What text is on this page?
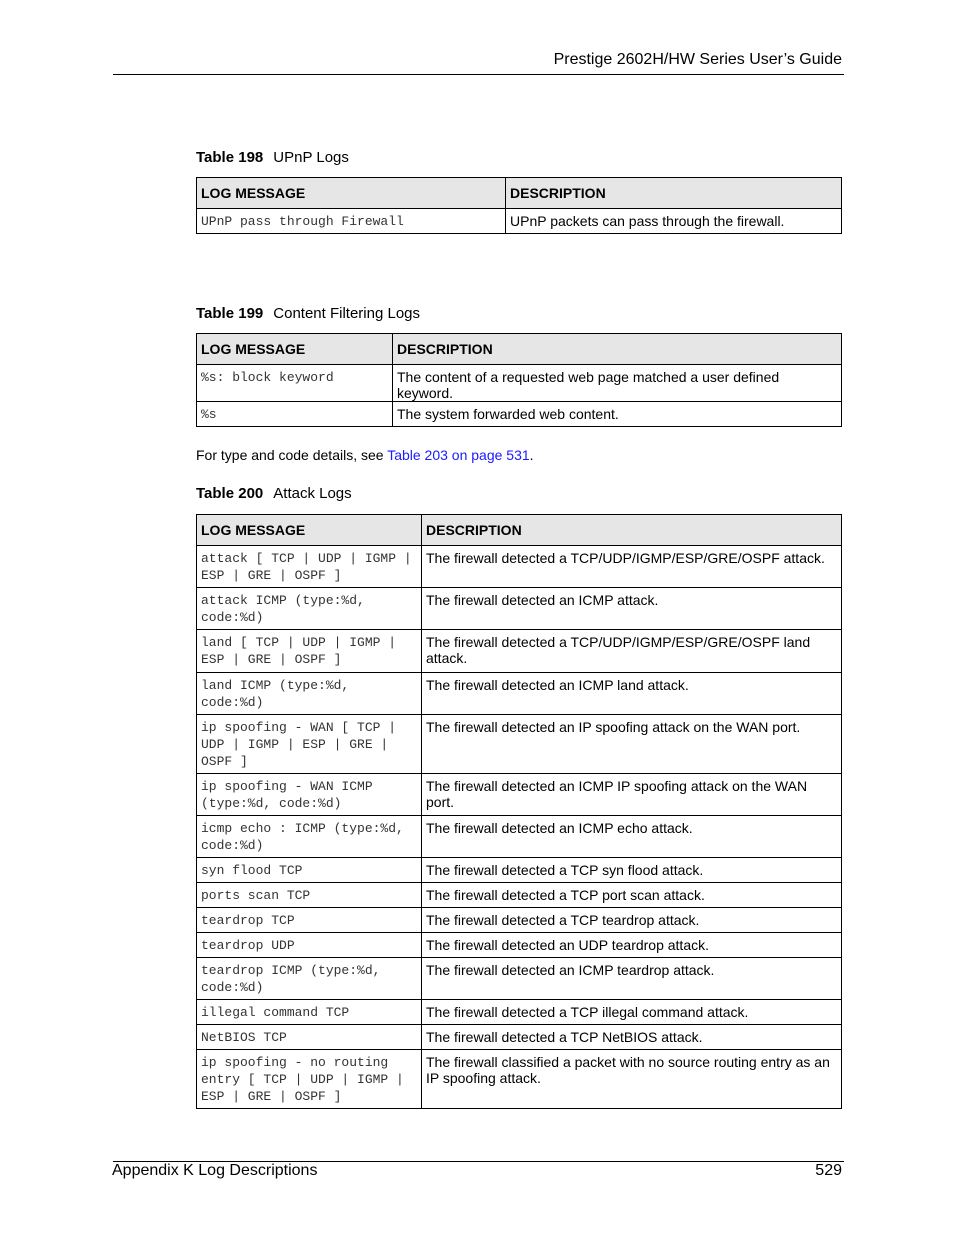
Prestige 2602H/HW Series User’s Guide
Table 198 UPnP Logs
LOG MESSAGE	DESCRIPTION
UPnP pass through Firewall	UPnP packets can pass through the firewall.
Table 199 Content Filtering Logs
LOG MESSAGE	DESCRIPTION
%s: block keyword	The content of a requested web page matched a user defined keyword.
%s	The system forwarded web content.
For type and code details, see Table 203 on page 531.
Table 200 Attack Logs
LOG MESSAGE	DESCRIPTION
attack [ TCP | UDP | IGMP | ESP | GRE | OSPF ]	The firewall detected a TCP/UDP/IGMP/ESP/GRE/OSPF attack.
attack ICMP (type:%d, code:%d)	The firewall detected an ICMP attack.
land [ TCP | UDP | IGMP | ESP | GRE | OSPF ]	The firewall detected a TCP/UDP/IGMP/ESP/GRE/OSPF land attack.
land ICMP (type:%d, code:%d)	The firewall detected an ICMP land attack.
ip spoofing - WAN [ TCP | UDP | IGMP | ESP | GRE | OSPF ]	The firewall detected an IP spoofing attack on the WAN port.
ip spoofing - WAN ICMP (type:%d, code:%d)	The firewall detected an ICMP IP spoofing attack on the WAN port.
icmp echo : ICMP (type:%d, code:%d)	The firewall detected an ICMP echo attack.
syn flood TCP	The firewall detected a TCP syn flood attack.
ports scan TCP	The firewall detected a TCP port scan attack.
teardrop TCP	The firewall detected a TCP teardrop attack.
teardrop UDP	The firewall detected an UDP teardrop attack.
teardrop ICMP (type:%d, code:%d)	The firewall detected an ICMP teardrop attack.
illegal command TCP	The firewall detected a TCP illegal command attack.
NetBIOS TCP	The firewall detected a TCP NetBIOS attack.
ip spoofing - no routing entry [ TCP | UDP | IGMP | ESP | GRE | OSPF ]	The firewall classified a packet with no source routing entry as an IP spoofing attack.
Appendix K Log Descriptions	529
